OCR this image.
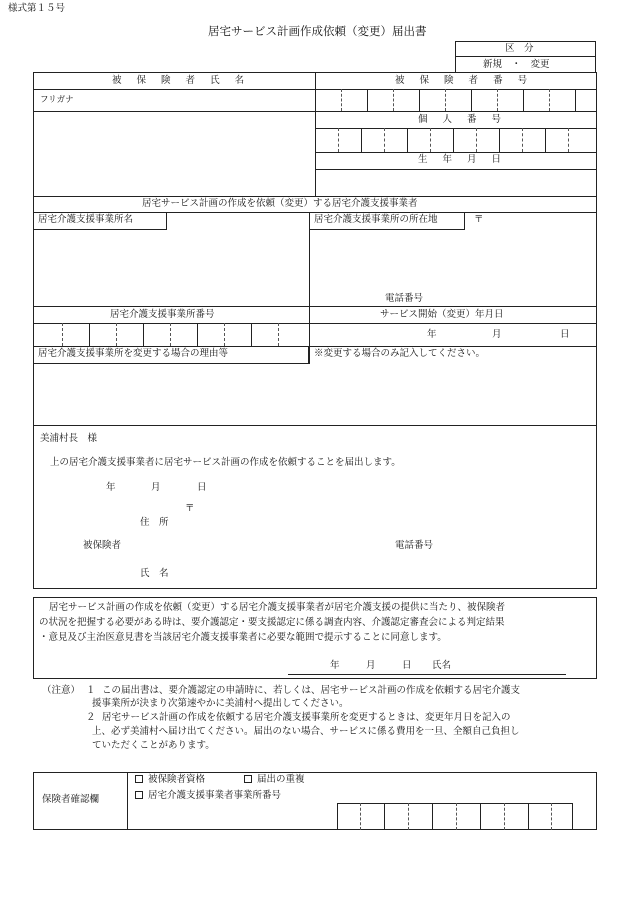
様式第１５号
居宅サービス計画作成依頼（変更）届出書
区　分
新規　・　変更
被 保 険 者 氏 名	被 保 険 者 番 号
フリガナ
個 人 番 号
生 年 月 日
居宅サービス計画の作成を依頼（変更）する居宅介護支援事業者
居宅介護支援事業所名	居宅介護支援事業所の所在地	〒
電話番号
居宅介護支援事業所番号	サービス開始（変更）年月日
年	月	日
居宅介護支援事業所を変更する場合の理由等	※変更する場合のみ記入してください。
美浦村長　様
上の居宅介護支援事業者に居宅サービス計画の作成を依頼することを届出します。
年	月	日
〒
住　所
被保険者	電話番号
氏　名
居宅サービス計画の作成を依頼（変更）する居宅介護支援事業者が居宅介護支援の提供に当たり、被保険者
の状況を把握する必要がある時は、要介護認定・要支援認定に係る調査内容、介護認定審査会による判定結果
・意見及び主治医意見書を当該居宅介護支援事業者に必要な範囲で提示することに同意します。
年	月	日 氏名
（注意） １ この届出書は、要介護認定の申請時に、若しくは、居宅サービス計画の作成を依頼する居宅介護支
援事業所が決まり次第速やかに美浦村へ提出してください。
２ 居宅サービス計画の作成を依頼する居宅介護支援事業所を変更するときは、変更年月日を記入の
上、必ず美浦村へ届け出てください。届出のない場合、サービスに係る費用を一旦、全額自己負担し
ていただくことがあります。
保険者確認欄
被保険者資格	届出の重複
居宅介護支援事業者事業所番号
